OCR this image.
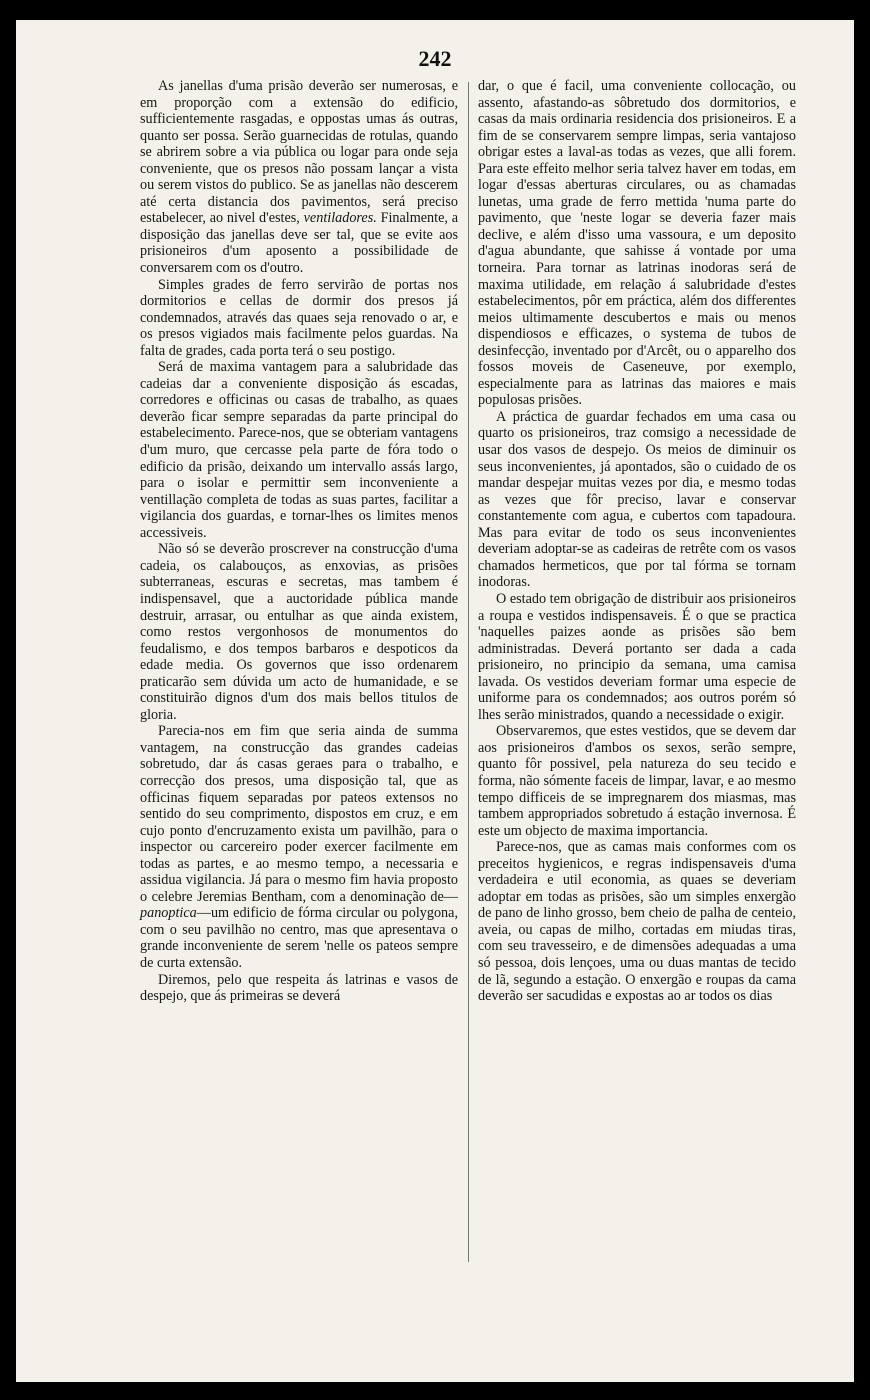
242

As janellas d'uma prisão deverão ser numerosas, e em proporção com a extensão do edificio, sufficientemente rasgadas, e oppostas umas ás outras, quanto ser possa. Serão guarnecidas de rotulas, quando se abrirem sobre a via pública ou logar para onde seja conveniente, que os presos não possam lançar a vista ou serem vistos do publico. Se as janellas não descerem até certa distancia dos pavimentos, será preciso estabelecer, ao nivel d'estes, ventiladores. Finalmente, a disposição das janellas deve ser tal, que se evite aos prisioneiros d'um aposento a possibilidade de conversarem com os d'outro.

Simples grades de ferro servirão de portas nos dormitorios e cellas de dormir dos presos já condemnados, através das quaes seja renovado o ar, e os presos vigiados mais facilmente pelos guardas. Na falta de grades, cada porta terá o seu postigo.

Será de maxima vantagem para a salubridade das cadeias dar a conveniente disposição ás escadas, corredores e officinas ou casas de trabalho, as quaes deverão ficar sempre separadas da parte principal do estabelecimento. Parece-nos, que se obteriam vantagens d'um muro, que cercasse pela parte de fóra todo o edificio da prisão, deixando um intervallo assás largo, para o isolar e permittir sem inconveniente a ventillação completa de todas as suas partes, facilitar a vigilancia dos guardas, e tornar-lhes os limites menos accessiveis.

Não só se deverão proscrever na construcção d'uma cadeia, os calabouços, as enxovias, as prisões subterraneas, escuras e secretas, mas tambem é indispensavel, que a auctoridade pública mande destruir, arrasar, ou entulhar as que ainda existem, como restos vergonhosos de monumentos do feudalismo, e dos tempos barbaros e despoticos da edade media. Os governos que isso ordenarem praticarão sem dúvida um acto de humanidade, e se constituirão dignos d'um dos mais bellos titulos de gloria.

Parecia-nos em fim que seria ainda de summa vantagem, na construcção das grandes cadeias sobretudo, dar ás casas geraes para o trabalho, e correcção dos presos, uma disposição tal, que as officinas fiquem separadas por pateos extensos no sentido do seu comprimento, dispostos em cruz, e em cujo ponto d'encruzamento exista um pavilhão, para o inspector ou carcereiro poder exercer facilmente em todas as partes, e ao mesmo tempo, a necessaria e assidua vigilancia. Já para o mesmo fim havia proposto o celebre Jeremias Bentham, com a denominação de—panoptica—um edificio de fórma circular ou polygona, com o seu pavilhão no centro, mas que apresentava o grande inconveniente de serem 'nelle os pateos sempre de curta extensão.

Diremos, pelo que respeita ás latrinas e vasos de despejo, que ás primeiras se deverá

dar, o que é facil, uma conveniente collocação, ou assento, afastando-as sôbretudo dos dormitorios, e casas da mais ordinaria residencia dos prisioneiros. E a fim de se conservarem sempre limpas, seria vantajoso obrigar estes a laval-as todas as vezes, que alli forem. Para este effeito melhor seria talvez haver em todas, em logar d'essas aberturas circulares, ou as chamadas lunetas, uma grade de ferro mettida 'numa parte do pavimento, que 'neste logar se deveria fazer mais declive, e além d'isso uma vassoura, e um deposito d'agua abundante, que sahisse á vontade por uma torneira. Para tornar as latrinas inodoras será de maxima utilidade, em relação á salubridade d'estes estabelecimentos, pôr em práctica, além dos differentes meios ultimamente descubertos e mais ou menos dispendiosos e efficazes, o systema de tubos de desinfecção, inventado por d'Arcêt, ou o apparelho dos fossos moveis de Caseneuve, por exemplo, especialmente para as latrinas das maiores e mais populosas prisões.

A práctica de guardar fechados em uma casa ou quarto os prisioneiros, traz comsigo a necessidade de usar dos vasos de despejo. Os meios de diminuir os seus inconvenientes, já apontados, são o cuidado de os mandar despejar muitas vezes por dia, e mesmo todas as vezes que fôr preciso, lavar e conservar constantemente com agua, e cubertos com tapadoura. Mas para evitar de todo os seus inconvenientes deveriam adoptar-se as cadeiras de retrête com os vasos chamados hermeticos, que por tal fórma se tornam inodoras.

O estado tem obrigação de distribuir aos prisioneiros a roupa e vestidos indispensaveis. É o que se practica 'naquelles paizes aonde as prisões são bem administradas. Deverá portanto ser dada a cada prisioneiro, no principio da semana, uma camisa lavada. Os vestidos deveriam formar uma especie de uniforme para os condemnados; aos outros porém só lhes serão ministrados, quando a necessidade o exigir.

Observaremos, que estes vestidos, que se devem dar aos prisioneiros d'ambos os sexos, serão sempre, quanto fôr possivel, pela natureza do seu tecido e forma, não sómente faceis de limpar, lavar, e ao mesmo tempo difficeis de se impregnarem dos miasmas, mas tambem appropriados sobretudo á estação invernosa. É este um objecto de maxima importancia.

Parece-nos, que as camas mais conformes com os preceitos hygienicos, e regras indispensaveis d'uma verdadeira e util economia, as quaes se deveriam adoptar em todas as prisões, são um simples enxergão de pano de linho grosso, bem cheio de palha de centeio, aveia, ou capas de milho, cortadas em miudas tiras, com seu travesseiro, e de dimensões adequadas a uma só pessoa, dois lençoes, uma ou duas mantas de tecido de lã, segundo a estação. O enxergão e roupas da cama deverão ser sacudidas e expostas ao ar todos os dias
